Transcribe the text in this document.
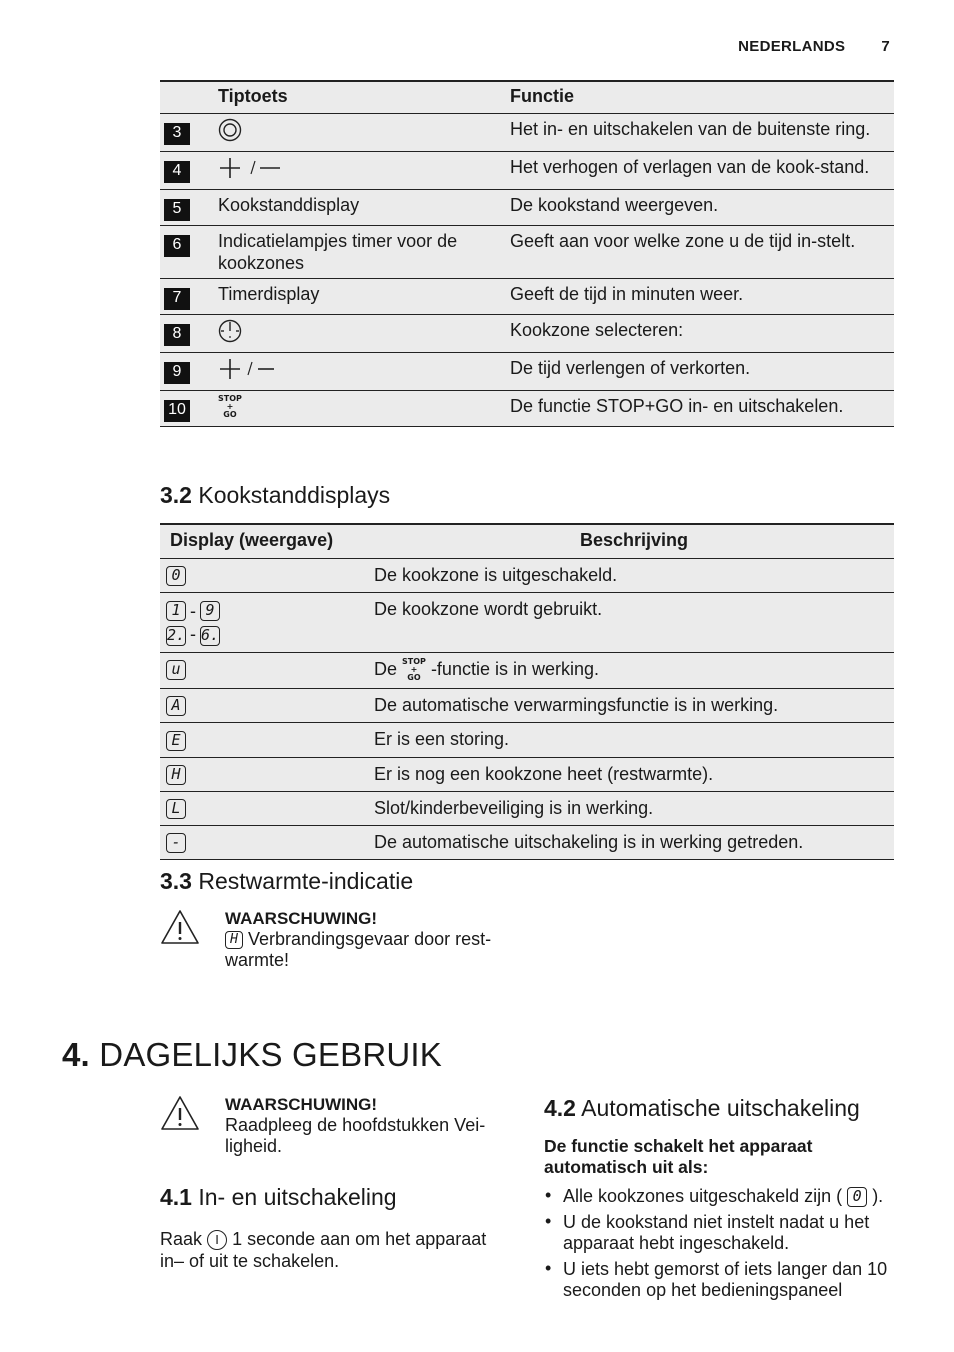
NEDERLANDS 7
	Tiptoets	Functie
3		Het in- en uitschakelen van de buitenste ring.
4		Het verhogen of verlagen van de kook-stand.
5	Kookstanddisplay	De kookstand weergeven.
6	Indicatielampjes timer voor de kookzones	Geeft aan voor welke zone u de tijd in-stelt.
7	Timerdisplay	Geeft de tijd in minuten weer.
8		Kookzone selecteren:
9		De tijd verlengen of verkorten.
10	STOP
+
GO	De functie STOP+GO in- en uitschakelen.
3.2 Kookstanddisplays
Display (weergave)	Beschrijving
0	De kookzone is uitgeschakeld.
1 - 9
2. - 6.	De kookzone wordt gebruikt.
u	De STOP
+
GO -functie is in werking.
A	De automatische verwarmingsfunctie is in werking.
E	Er is een storing.
H	Er is nog een kookzone heet (restwarmte).
L	Slot/kinderbeveiliging is in werking.
-	De automatische uitschakeling is in werking getreden.
3.3 Restwarmte-indicatie
WAARSCHUWING!
H Verbrandingsgevaar door rest-warmte!
4. DAGELIJKS GEBRUIK
WAARSCHUWING!
Raadpleeg de hoofdstukken Vei-ligheid.
4.1 In- en uitschakeling
Raak I 1 seconde aan om het apparaat in– of uit te schakelen.
4.2 Automatische uitschakeling
De functie schakelt het apparaat automatisch uit als:
• Alle kookzones uitgeschakeld zijn ( 0 ).
• U de kookstand niet instelt nadat u het apparaat hebt ingeschakeld.
• U iets hebt gemorst of iets langer dan 10 seconden op het bedieningspaneel
